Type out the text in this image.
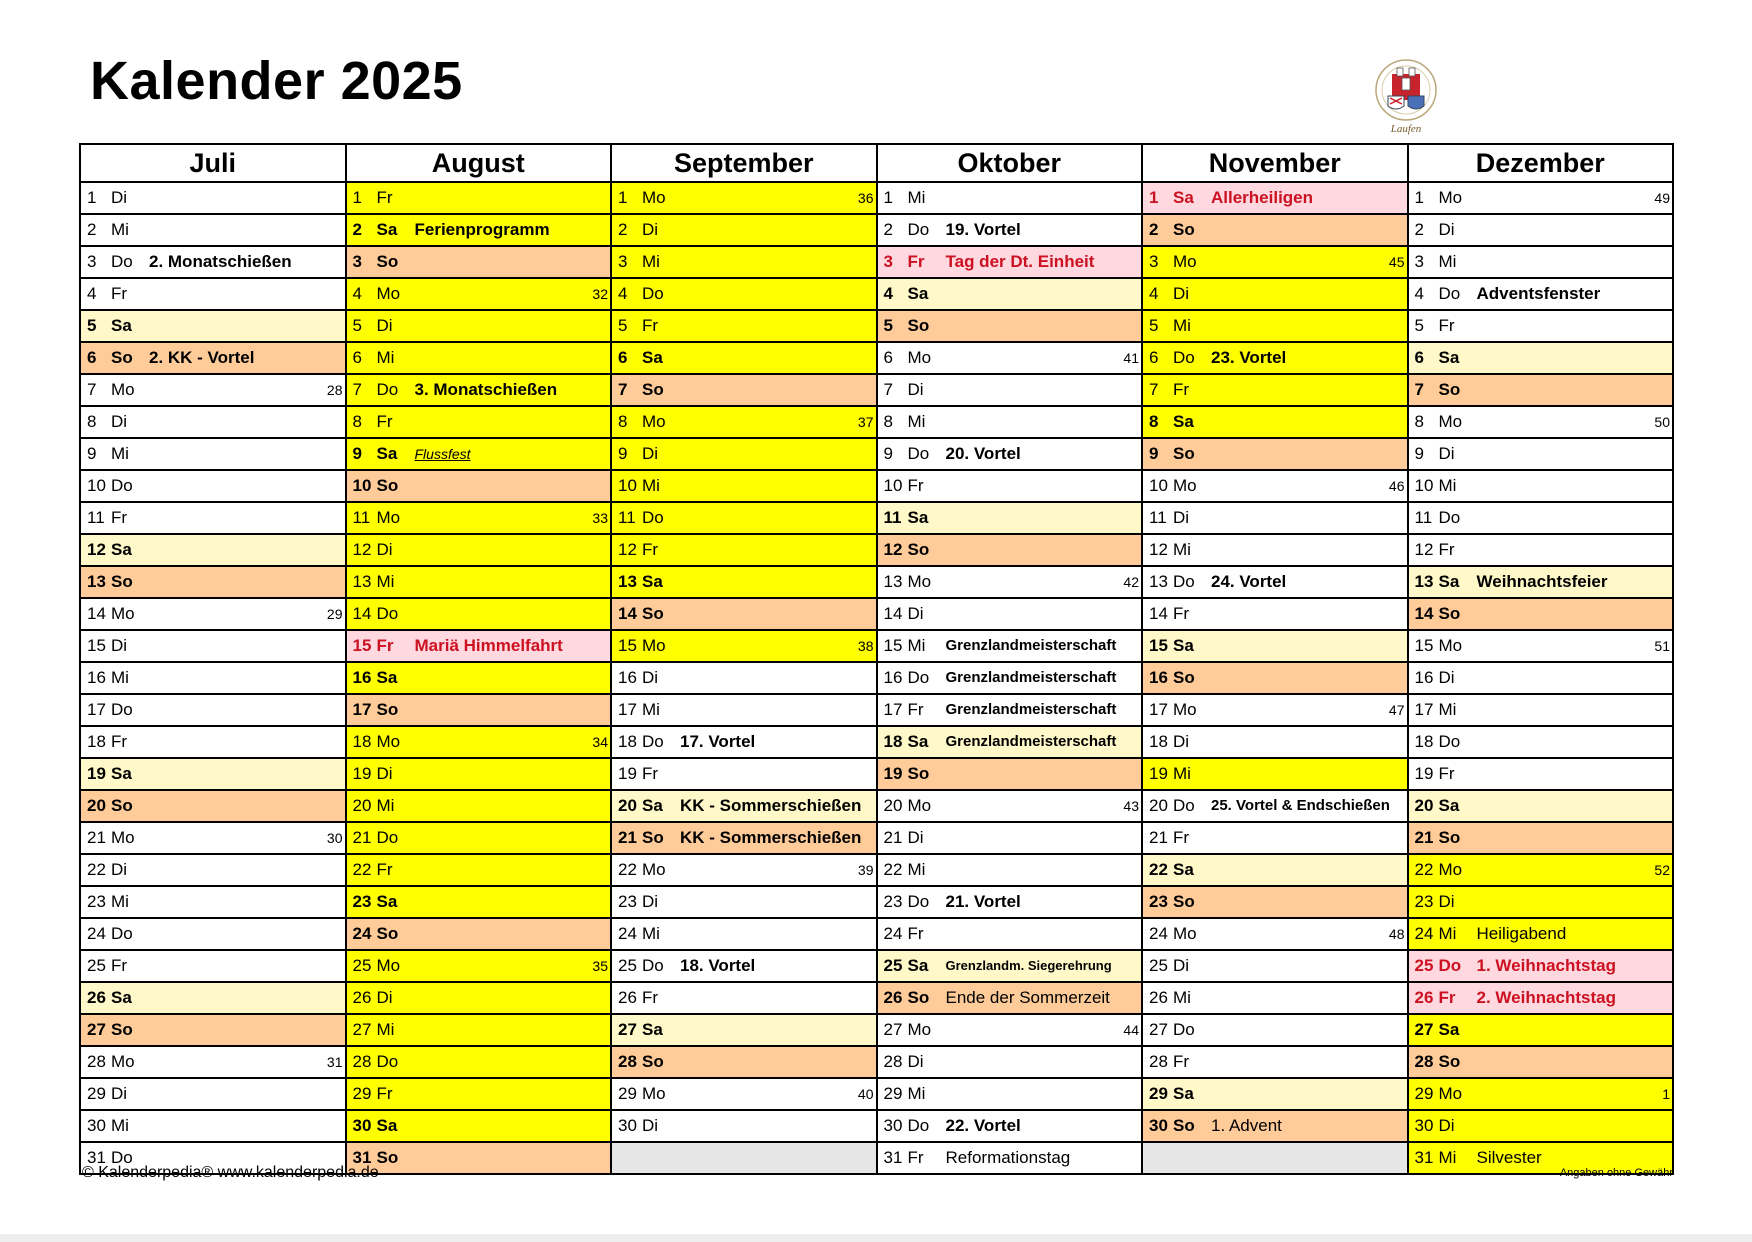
Kalender 2025
Laufen
Juli	August	September	Oktober	November	Dezember

1 Di	1 Fr	1 Mo 36	1 Mi	1 Sa Allerheiligen	1 Mo 49

2 Mi	2 Sa Ferienprogramm	2 Di	2 Do 19. Vortel	2 So	2 Di

3 Do 2. Monatschießen	3 So	3 Mi	3 Fr Tag der Dt. Einheit	3 Mo 45	3 Mi

4 Fr	4 Mo 32	4 Do	4 Sa	4 Di	4 Do Adventsfenster

5 Sa	5 Di	5 Fr	5 So	5 Mi	5 Fr

6 So 2. KK - Vortel	6 Mi	6 Sa	6 Mo 41	6 Do 23. Vortel	6 Sa

7 Mo 28	7 Do 3. Monatschießen	7 So	7 Di	7 Fr	7 So

8 Di	8 Fr	8 Mo 37	8 Mi	8 Sa	8 Mo 50

9 Mi	9 Sa Flussfest	9 Di	9 Do 20. Vortel	9 So	9 Di

10 Do	10 So	10 Mi	10 Fr	10 Mo 46	10 Mi

11 Fr	11 Mo 33	11 Do	11 Sa	11 Di	11 Do

12 Sa	12 Di	12 Fr	12 So	12 Mi	12 Fr

13 So	13 Mi	13 Sa	13 Mo 42	13 Do 24. Vortel	13 Sa Weihnachtsfeier

14 Mo 29	14 Do	14 So	14 Di	14 Fr	14 So

15 Di	15 Fr Mariä Himmelfahrt	15 Mo 38	15 Mi Grenzlandmeisterschaft	15 Sa	15 Mo 51

16 Mi	16 Sa	16 Di	16 Do Grenzlandmeisterschaft	16 So	16 Di

17 Do	17 So	17 Mi	17 Fr Grenzlandmeisterschaft	17 Mo 47	17 Mi

18 Fr	18 Mo 34	18 Do 17. Vortel	18 Sa Grenzlandmeisterschaft	18 Di	18 Do

19 Sa	19 Di	19 Fr	19 So	19 Mi	19 Fr

20 So	20 Mi	20 Sa KK - Sommerschießen	20 Mo 43	20 Do 25. Vortel & Endschießen	20 Sa

21 Mo 30	21 Do	21 So KK - Sommerschießen	21 Di	21 Fr	21 So

22 Di	22 Fr	22 Mo 39	22 Mi	22 Sa	22 Mo 52

23 Mi	23 Sa	23 Di	23 Do 21. Vortel	23 So	23 Di

24 Do	24 So	24 Mi	24 Fr	24 Mo 48	24 Mi Heiligabend

25 Fr	25 Mo 35	25 Do 18. Vortel	25 Sa Grenzlandm. Siegerehrung	25 Di	25 Do 1. Weihnachtstag

26 Sa	26 Di	26 Fr	26 So Ende der Sommerzeit	26 Mi	26 Fr 2. Weihnachtstag

27 So	27 Mi	27 Sa	27 Mo 44	27 Do	27 Sa

28 Mo 31	28 Do	28 So	28 Di	28 Fr	28 So

29 Di	29 Fr	29 Mo 40	29 Mi	29 Sa	29 Mo 1

30 Mi	30 Sa	30 Di	30 Do 22. Vortel	30 So 1. Advent	30 Di

31 Do	31 So		31 Fr Reformationstag		31 Mi Silvester
© Kalenderpedia® www.kalenderpedia.de	Angaben ohne Gewähr
